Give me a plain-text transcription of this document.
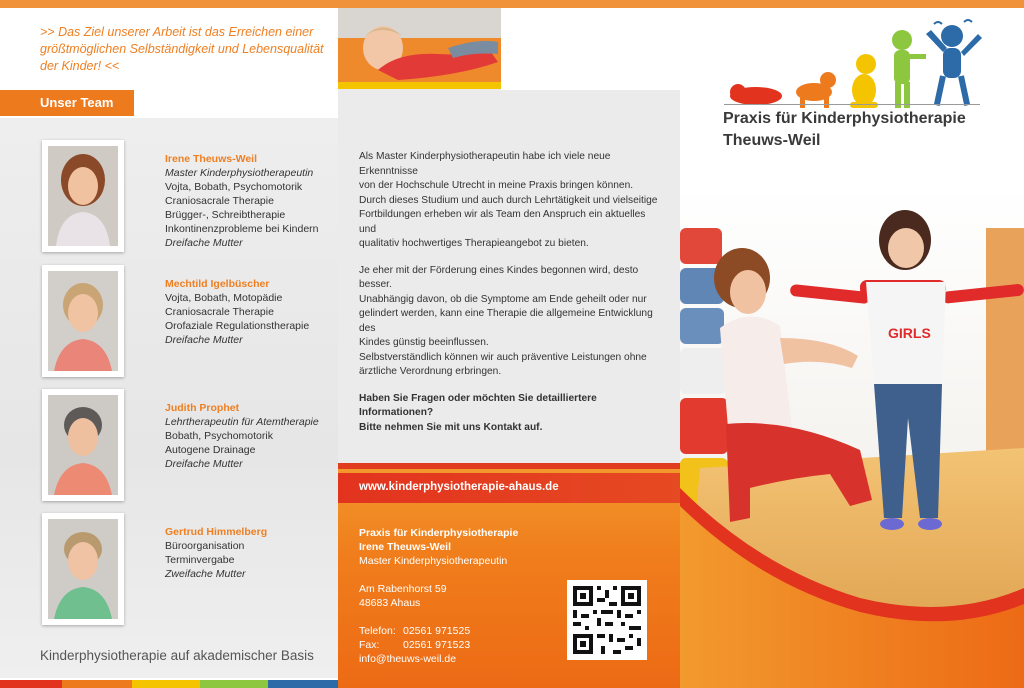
>> Das Ziel unserer Arbeit ist das Erreichen einer
größtmöglichen Selbständigkeit und Lebensqualität
der Kinder! <<
Unser Team
Irene Theuws-Weil
Master Kinderphysiotherapeutin
Vojta, Bobath, Psychomotorik
Craniosacrale Therapie
Brügger-, Schreibtherapie
Inkontinenzprobleme bei Kindern
Dreifache Mutter
Mechtild Igelbüscher
Vojta, Bobath, Motopädie
Craniosacrale Therapie
Orofaziale Regulationstherapie
Dreifache Mutter
Judith Prophet
Lehrtherapeutin für Atemtherapie
Bobath, Psychomotorik
Autogene Drainage
Dreifache Mutter
Gertrud Himmelberg
Büroorganisation
Terminvergabe
Zweifache Mutter
Kinderphysiotherapie auf akademischer Basis

Als Master Kinderphysiotherapeutin habe ich viele neue Erkenntnisse
von der Hochschule Utrecht in meine Praxis bringen können.
Durch dieses Studium und auch durch Lehrtätigkeit und vielseitige
Fortbildungen erheben wir als Team den Anspruch ein aktuelles und
qualitativ hochwertiges Therapieangebot zu bieten.

Je eher mit der Förderung eines Kindes begonnen wird, desto besser.
Unabhängig davon, ob die Symptome am Ende geheilt oder nur
gelindert werden, kann eine Therapie die allgemeine Entwicklung des
Kindes günstig beeinflussen.
Selbstverständlich können wir auch präventive Leistungen ohne
ärztliche Verordnung erbringen.

Haben Sie Fragen oder möchten Sie detailliertere Informationen?
Bitte nehmen Sie mit uns Kontakt auf.

www.kinderphysiotherapie-ahaus.de
Praxis für Kinderphysiotherapie
Irene Theuws-Weil
Master Kinderphysiotherapeutin
Am Rabenhorst 59
48683 Ahaus
Telefon: 02561 971525
Fax: 02561 971523
info@theuws-weil.de
Praxis für Kinderphysiotherapie
Theuws-Weil
GIRLS
